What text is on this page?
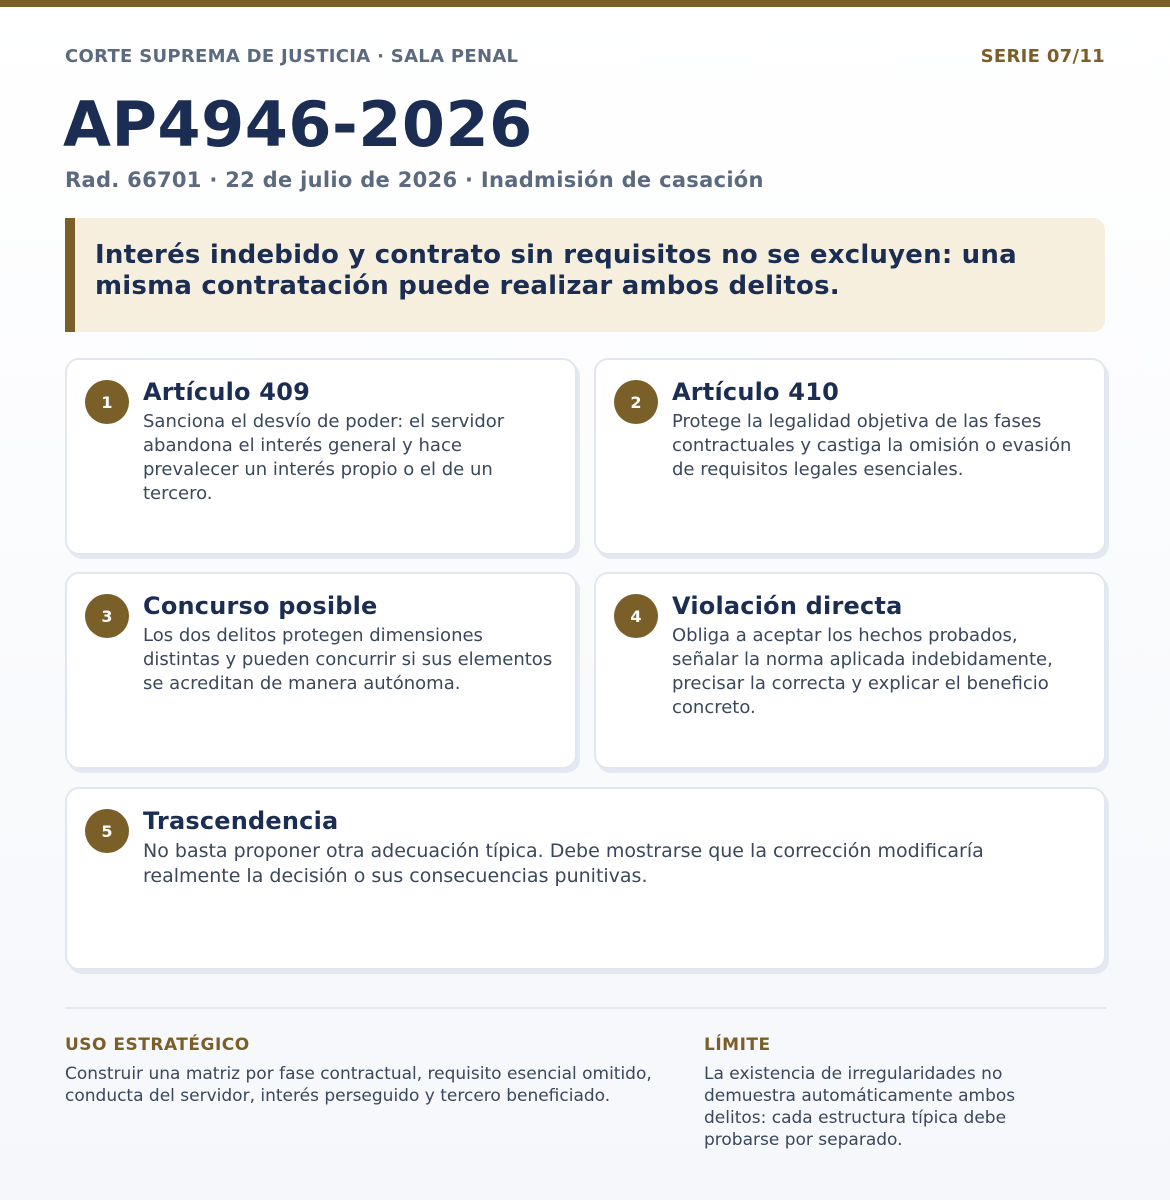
CORTE SUPREMA DE JUSTICIA · SALA PENAL	SERIE 07/11
AP4946-2026
Rad. 66701 · 22 de julio de 2026 · Inadmisión de casación
Interés indebido y contrato sin requisitos no se excluyen: una misma contratación puede realizar ambos delitos.
1	Artículo 409
Sanciona el desvío de poder: el servidor abandona el interés general y hace prevalecer un interés propio o el de un tercero.
2	Artículo 410
Protege la legalidad objetiva de las fases contractuales y castiga la omisión o evasión de requisitos legales esenciales.
3	Concurso posible
Los dos delitos protegen dimensiones distintas y pueden concurrir si sus elementos se acreditan de manera autónoma.
4	Violación directa
Obliga a aceptar los hechos probados, señalar la norma aplicada indebidamente, precisar la correcta y explicar el beneficio concreto.
5	Trascendencia
No basta proponer otra adecuación típica. Debe mostrarse que la corrección modificaría realmente la decisión o sus consecuencias punitivas.
USO ESTRATÉGICO
Construir una matriz por fase contractual, requisito esencial omitido, conducta del servidor, interés perseguido y tercero beneficiado.
LÍMITE
La existencia de irregularidades no demuestra automáticamente ambos delitos: cada estructura típica debe probarse por separado.
